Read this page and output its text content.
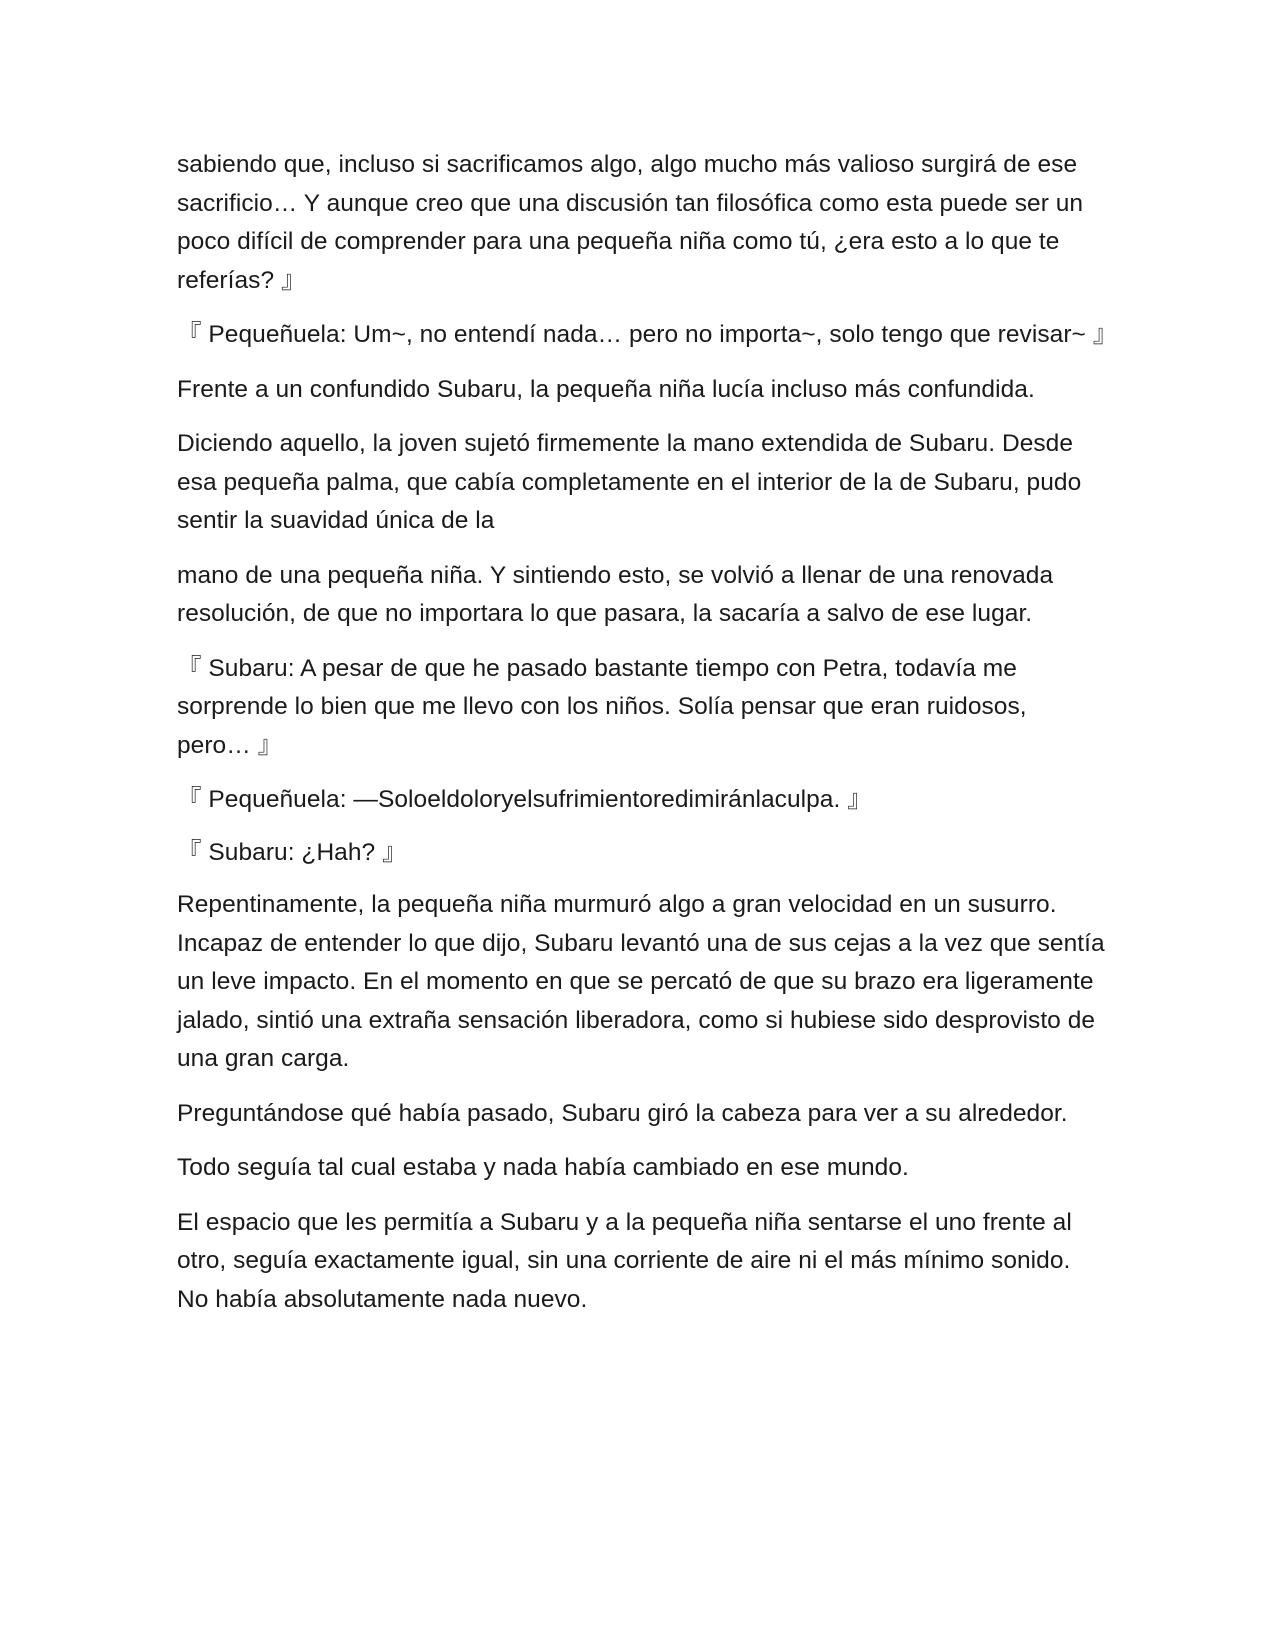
sabiendo que, incluso si sacrificamos algo, algo mucho más valioso surgirá de ese sacrificio… Y aunque creo que una discusión tan filosófica como esta puede ser un poco difícil de comprender para una pequeña niña como tú, ¿era esto a lo que te referías? 』

『 Pequeñuela: Um~, no entendí nada… pero no importa~, solo tengo que revisar~ 』

Frente a un confundido Subaru, la pequeña niña lucía incluso más confundida.

Diciendo aquello, la joven sujetó firmemente la mano extendida de Subaru. Desde esa pequeña palma, que cabía completamente en el interior de la de Subaru, pudo sentir la suavidad única de la

mano de una pequeña niña. Y sintiendo esto, se volvió a llenar de una renovada resolución, de que no importara lo que pasara, la sacaría a salvo de ese lugar.

『 Subaru: A pesar de que he pasado bastante tiempo con Petra, todavía me sorprende lo bien que me llevo con los niños. Solía pensar que eran ruidosos, pero… 』

『 Pequeñuela: —Soloeldoloryelsufrimientoredimiránlaculpa. 』

『 Subaru: ¿Hah? 』

Repentinamente, la pequeña niña murmuró algo a gran velocidad en un susurro. Incapaz de entender lo que dijo, Subaru levantó una de sus cejas a la vez que sentía un leve impacto. En el momento en que se percató de que su brazo era ligeramente jalado, sintió una extraña sensación liberadora, como si hubiese sido desprovisto de una gran carga.

Preguntándose qué había pasado, Subaru giró la cabeza para ver a su alrededor.

Todo seguía tal cual estaba y nada había cambiado en ese mundo.

El espacio que les permitía a Subaru y a la pequeña niña sentarse el uno frente al otro, seguía exactamente igual, sin una corriente de aire ni el más mínimo sonido. No había absolutamente nada nuevo.
